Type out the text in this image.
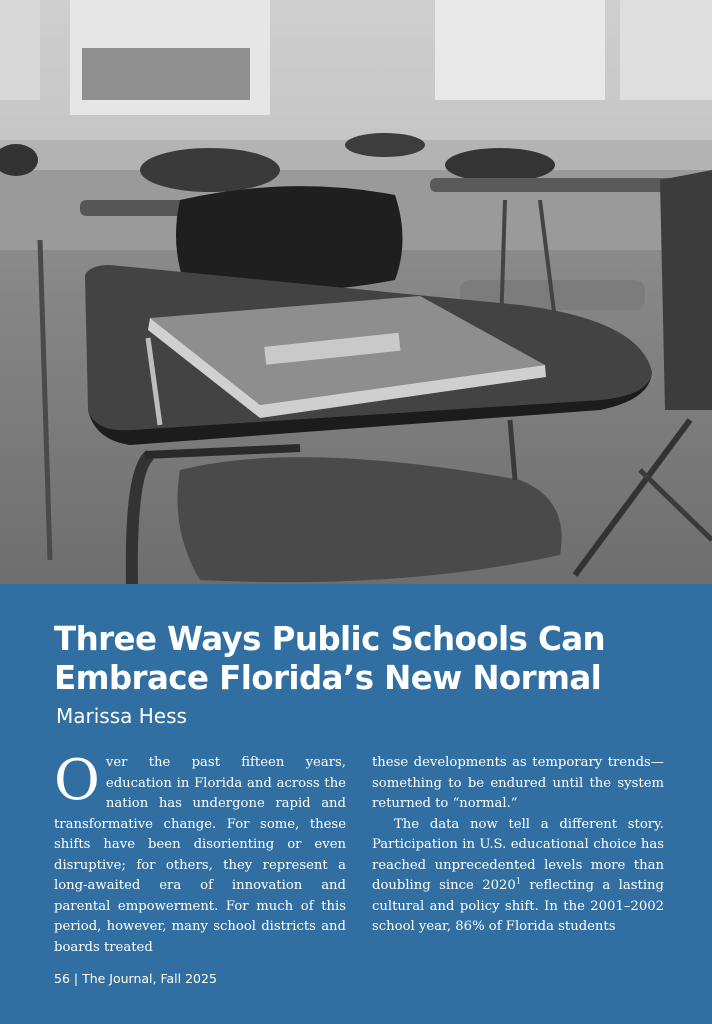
Three Ways Public Schools Can
Embrace Florida’s New Normal

Marissa Hess

Over the past fifteen years, education in Florida and across the nation has undergone rapid and transformative change. For some, these shifts have been disorienting or even disruptive; for others, they represent a long-awaited era of innovation and parental empowerment. For much of this period, however, many school districts and boards treated

these developments as temporary trends—something to be endured until the system returned to “normal.”

The data now tell a different story. Participation in U.S. educational choice has reached unprecedented levels more than doubling since 2020$^1$ reflecting a lasting cultural and policy shift. In the 2001–2002 school year, 86% of Florida students

56 | The Journal, Fall 2025
